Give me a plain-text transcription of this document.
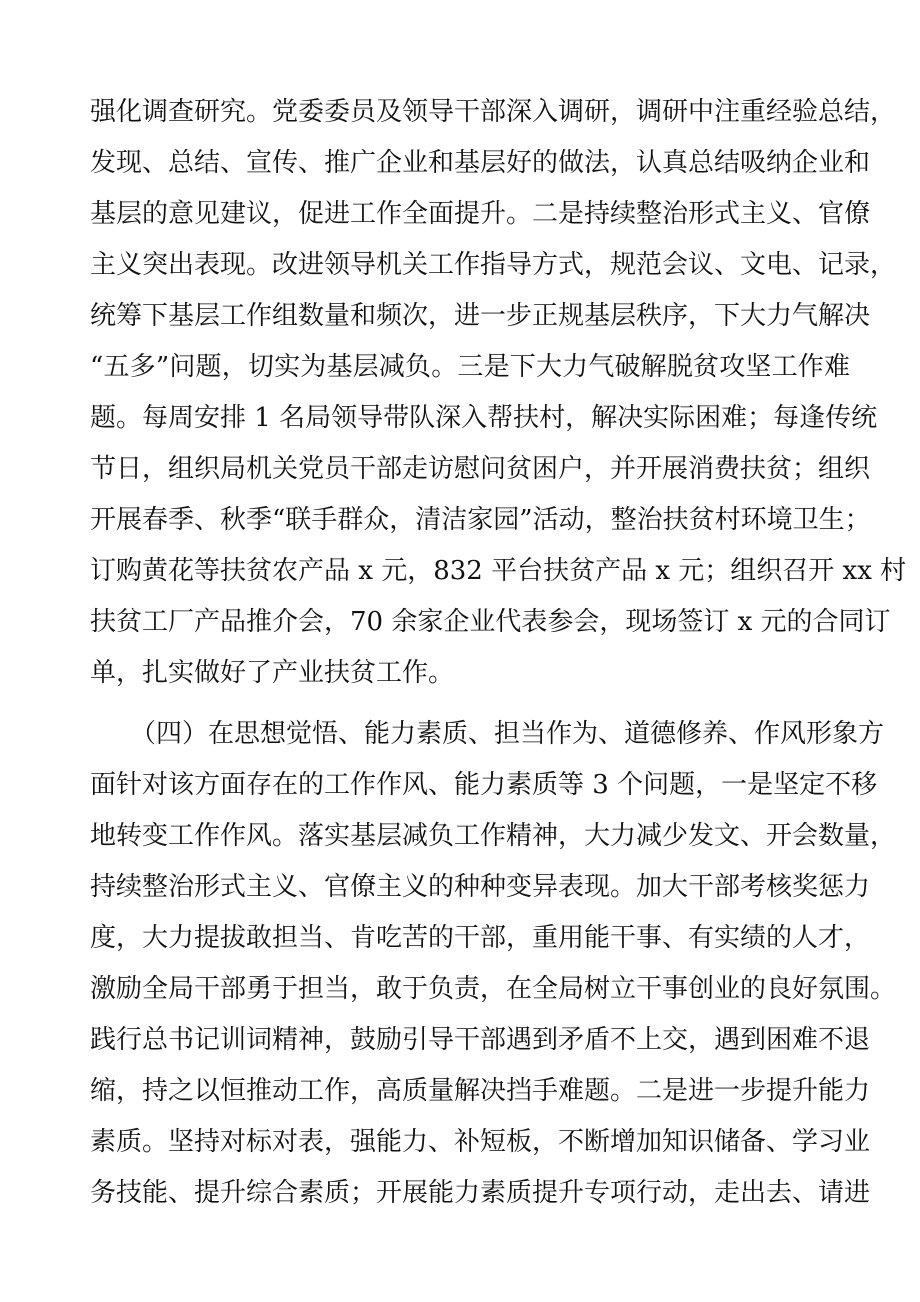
强化调查研究。党委委员及领导干部深入调研，调研中注重经验总结，
发现、总结、宣传、推广企业和基层好的做法，认真总结吸纳企业和
基层的意见建议，促进工作全面提升。二是持续整治形式主义、官僚
主义突出表现。改进领导机关工作指导方式，规范会议、文电、记录，
统筹下基层工作组数量和频次，进一步正规基层秩序，下大力气解决
“五多”问题，切实为基层减负。三是下大力气破解脱贫攻坚工作难
题。每周安排 1 名局领导带队深入帮扶村，解决实际困难；每逢传统
节日，组织局机关党员干部走访慰问贫困户，并开展消费扶贫；组织
开展春季、秋季“联手群众，清洁家园”活动，整治扶贫村环境卫生；
订购黄花等扶贫农产品 x 元，832 平台扶贫产品 x 元；组织召开 xx 村
扶贫工厂产品推介会，70 余家企业代表参会，现场签订 x 元的合同订
单，扎实做好了产业扶贫工作。
（四）在思想觉悟、能力素质、担当作为、道德修养、作风形象方
面针对该方面存在的工作作风、能力素质等 3 个问题，一是坚定不移
地转变工作作风。落实基层减负工作精神，大力减少发文、开会数量，
持续整治形式主义、官僚主义的种种变异表现。加大干部考核奖惩力
度，大力提拔敢担当、肯吃苦的干部，重用能干事、有实绩的人才，
激励全局干部勇于担当，敢于负责，在全局树立干事创业的良好氛围。
践行总书记训词精神，鼓励引导干部遇到矛盾不上交，遇到困难不退
缩，持之以恒推动工作，高质量解决挡手难题。二是进一步提升能力
素质。坚持对标对表，强能力、补短板，不断增加知识储备、学习业
务技能、提升综合素质；开展能力素质提升专项行动，走出去、请进
